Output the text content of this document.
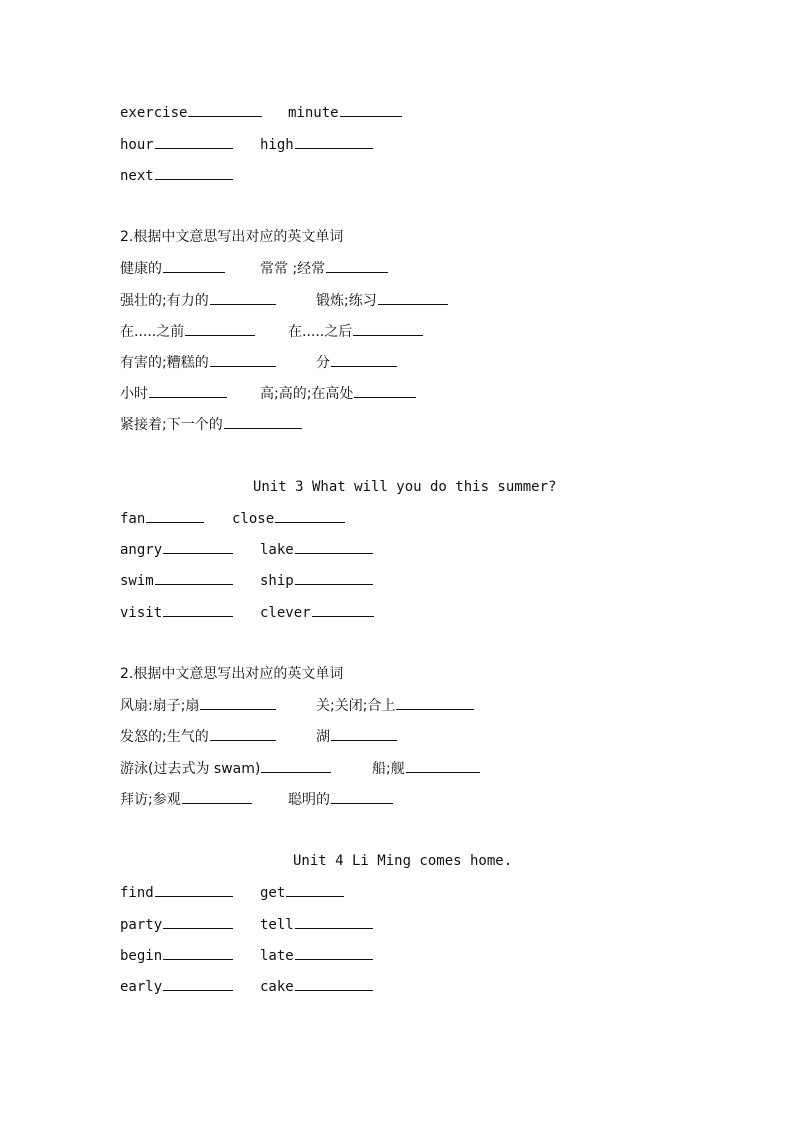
exercise	minute
hour	high
next
2.根据中文意思写出对应的英文单词
健康的	常常 ;经常
强壮的;有力的	锻炼;练习
在.....之前	在.....之后
有害的;糟糕的	分
小时	高;高的;在高处
紧接着;下一个的
Unit 3 What will you do this summer?
fan	close
angry	lake
swim	ship
visit	clever
2.根据中文意思写出对应的英文单词
风扇:扇子;扇	关;关闭;合上
发怒的;生气的	湖
游泳(过去式为 swam)	船;舰
拜访;参观	聪明的
Unit 4 Li Ming comes home.
find	get
party	tell
begin	late
early	cake
